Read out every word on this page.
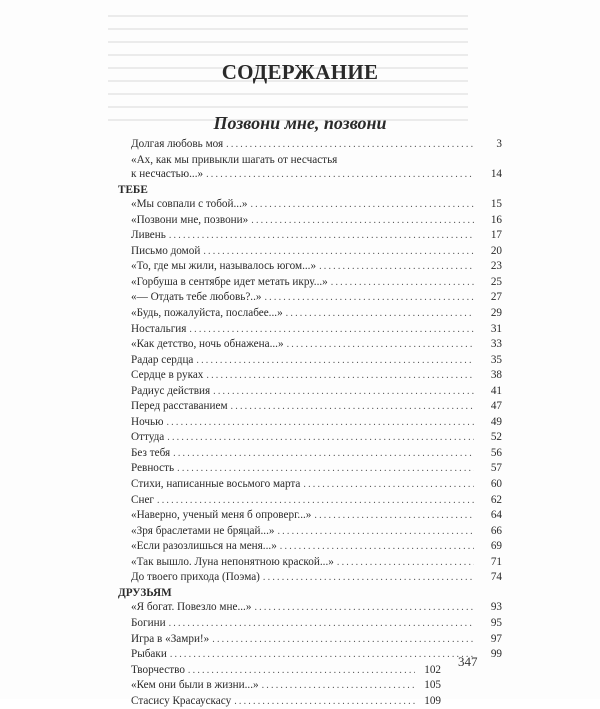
СОДЕРЖАНИЕ
Позвони мне, позвони
Долгая любовь моя .....	3
«Ах, как мы привыкли шагать от несчастья
к несчастью...» .....	14
ТЕБЕ
«Мы совпали с тобой...» .....	15
«Позвони мне, позвони» .....	16
Ливень .....	17
Письмо домой .....	20
«То, где мы жили, называлось югом...» .....	23
«Горбуша в сентябре идет метать икру...» .....	25
«— Отдать тебе любовь?..» .....	27
«Будь, пожалуйста, послабее...» .....	29
Ностальгия .....	31
«Как детство, ночь обнажена...» .....	33
Радар сердца .....	35
Сердце в руках .....	38
Радиус действия .....	41
Перед расставанием .....	47
Ночью .....	49
Оттуда .....	52
Без тебя .....	56
Ревность .....	57
Стихи, написанные восьмого марта .....	60
Снег .....	62
«Наверно, ученый меня б опроверг...» .....	64
«Зря браслетами не бряцай...» .....	66
«Если разозлишься на меня...» .....	69
«Так вышло. Луна непонятною краской...» .....	71
До твоего прихода (Поэма) .....	74
ДРУЗЬЯМ
«Я богат. Повезло мне...» .....	93
Богини .....	95
Игра в «Замри!» .....	97
Рыбаки .....	99
Творчество .....	102
«Кем они были в жизни...» .....	105
Стасису Красаускасу .....	109
347
